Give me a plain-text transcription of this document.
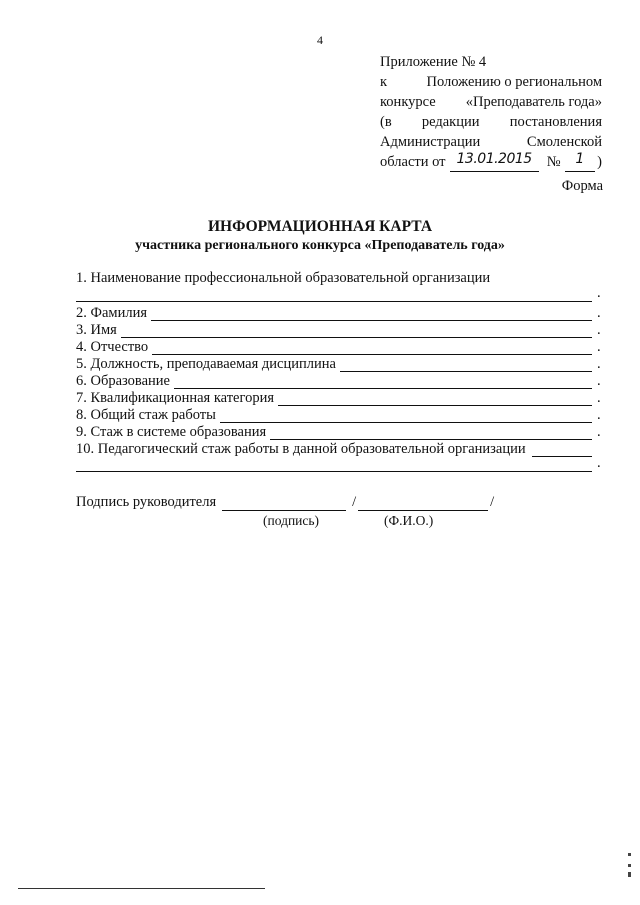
4
Приложение № 4
к	Положению о региональном
конкурсе «Преподаватель года»
(в редакции постановления
Администрации	Смоленской
области от 13.01.2015	№	1 )
Форма
ИНФОРМАЦИОННАЯ КАРТА
участника регионального конкурса «Преподаватель года»
1. Наименование профессиональной образовательной организации
.
2. Фамилия	.
3. Имя	.
4. Отчество	.
5. Должность, преподаваемая дисциплина	.
6. Образование	.
7. Квалификационная категория	.
8. Общий стаж работы	.
9. Стаж в системе образования	.
10. Педагогический стаж работы в данной образовательной организации
.
Подпись руководителя	/	/
(подпись)	(Ф.И.О.)
